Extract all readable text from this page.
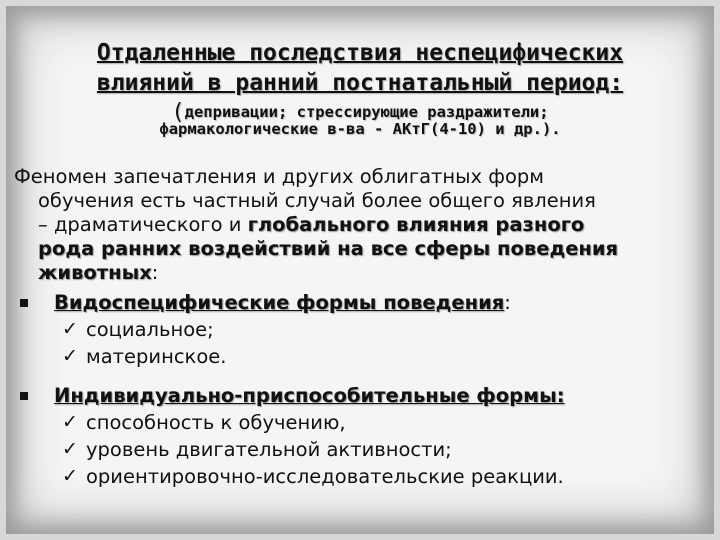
Отдаленные последствия неспецифических
влияний в ранний постнатальный период:
(депривации; стрессирующие раздражители;
фармакологические в-ва - АКтГ(4-10) и др.).
Феномен запечатления и других облигатных форм
обучения есть частный случай более общего явления
– драматического и глобального влияния разного
рода ранних воздействий на все сферы поведения
животных:
Видоспецифические формы поведения:
✓ социальное;
✓ материнское.
Индивидуально-приспособительные формы:
✓ способность к обучению,
✓ уровень двигательной активности;
✓ ориентировочно-исследовательские реакции.
